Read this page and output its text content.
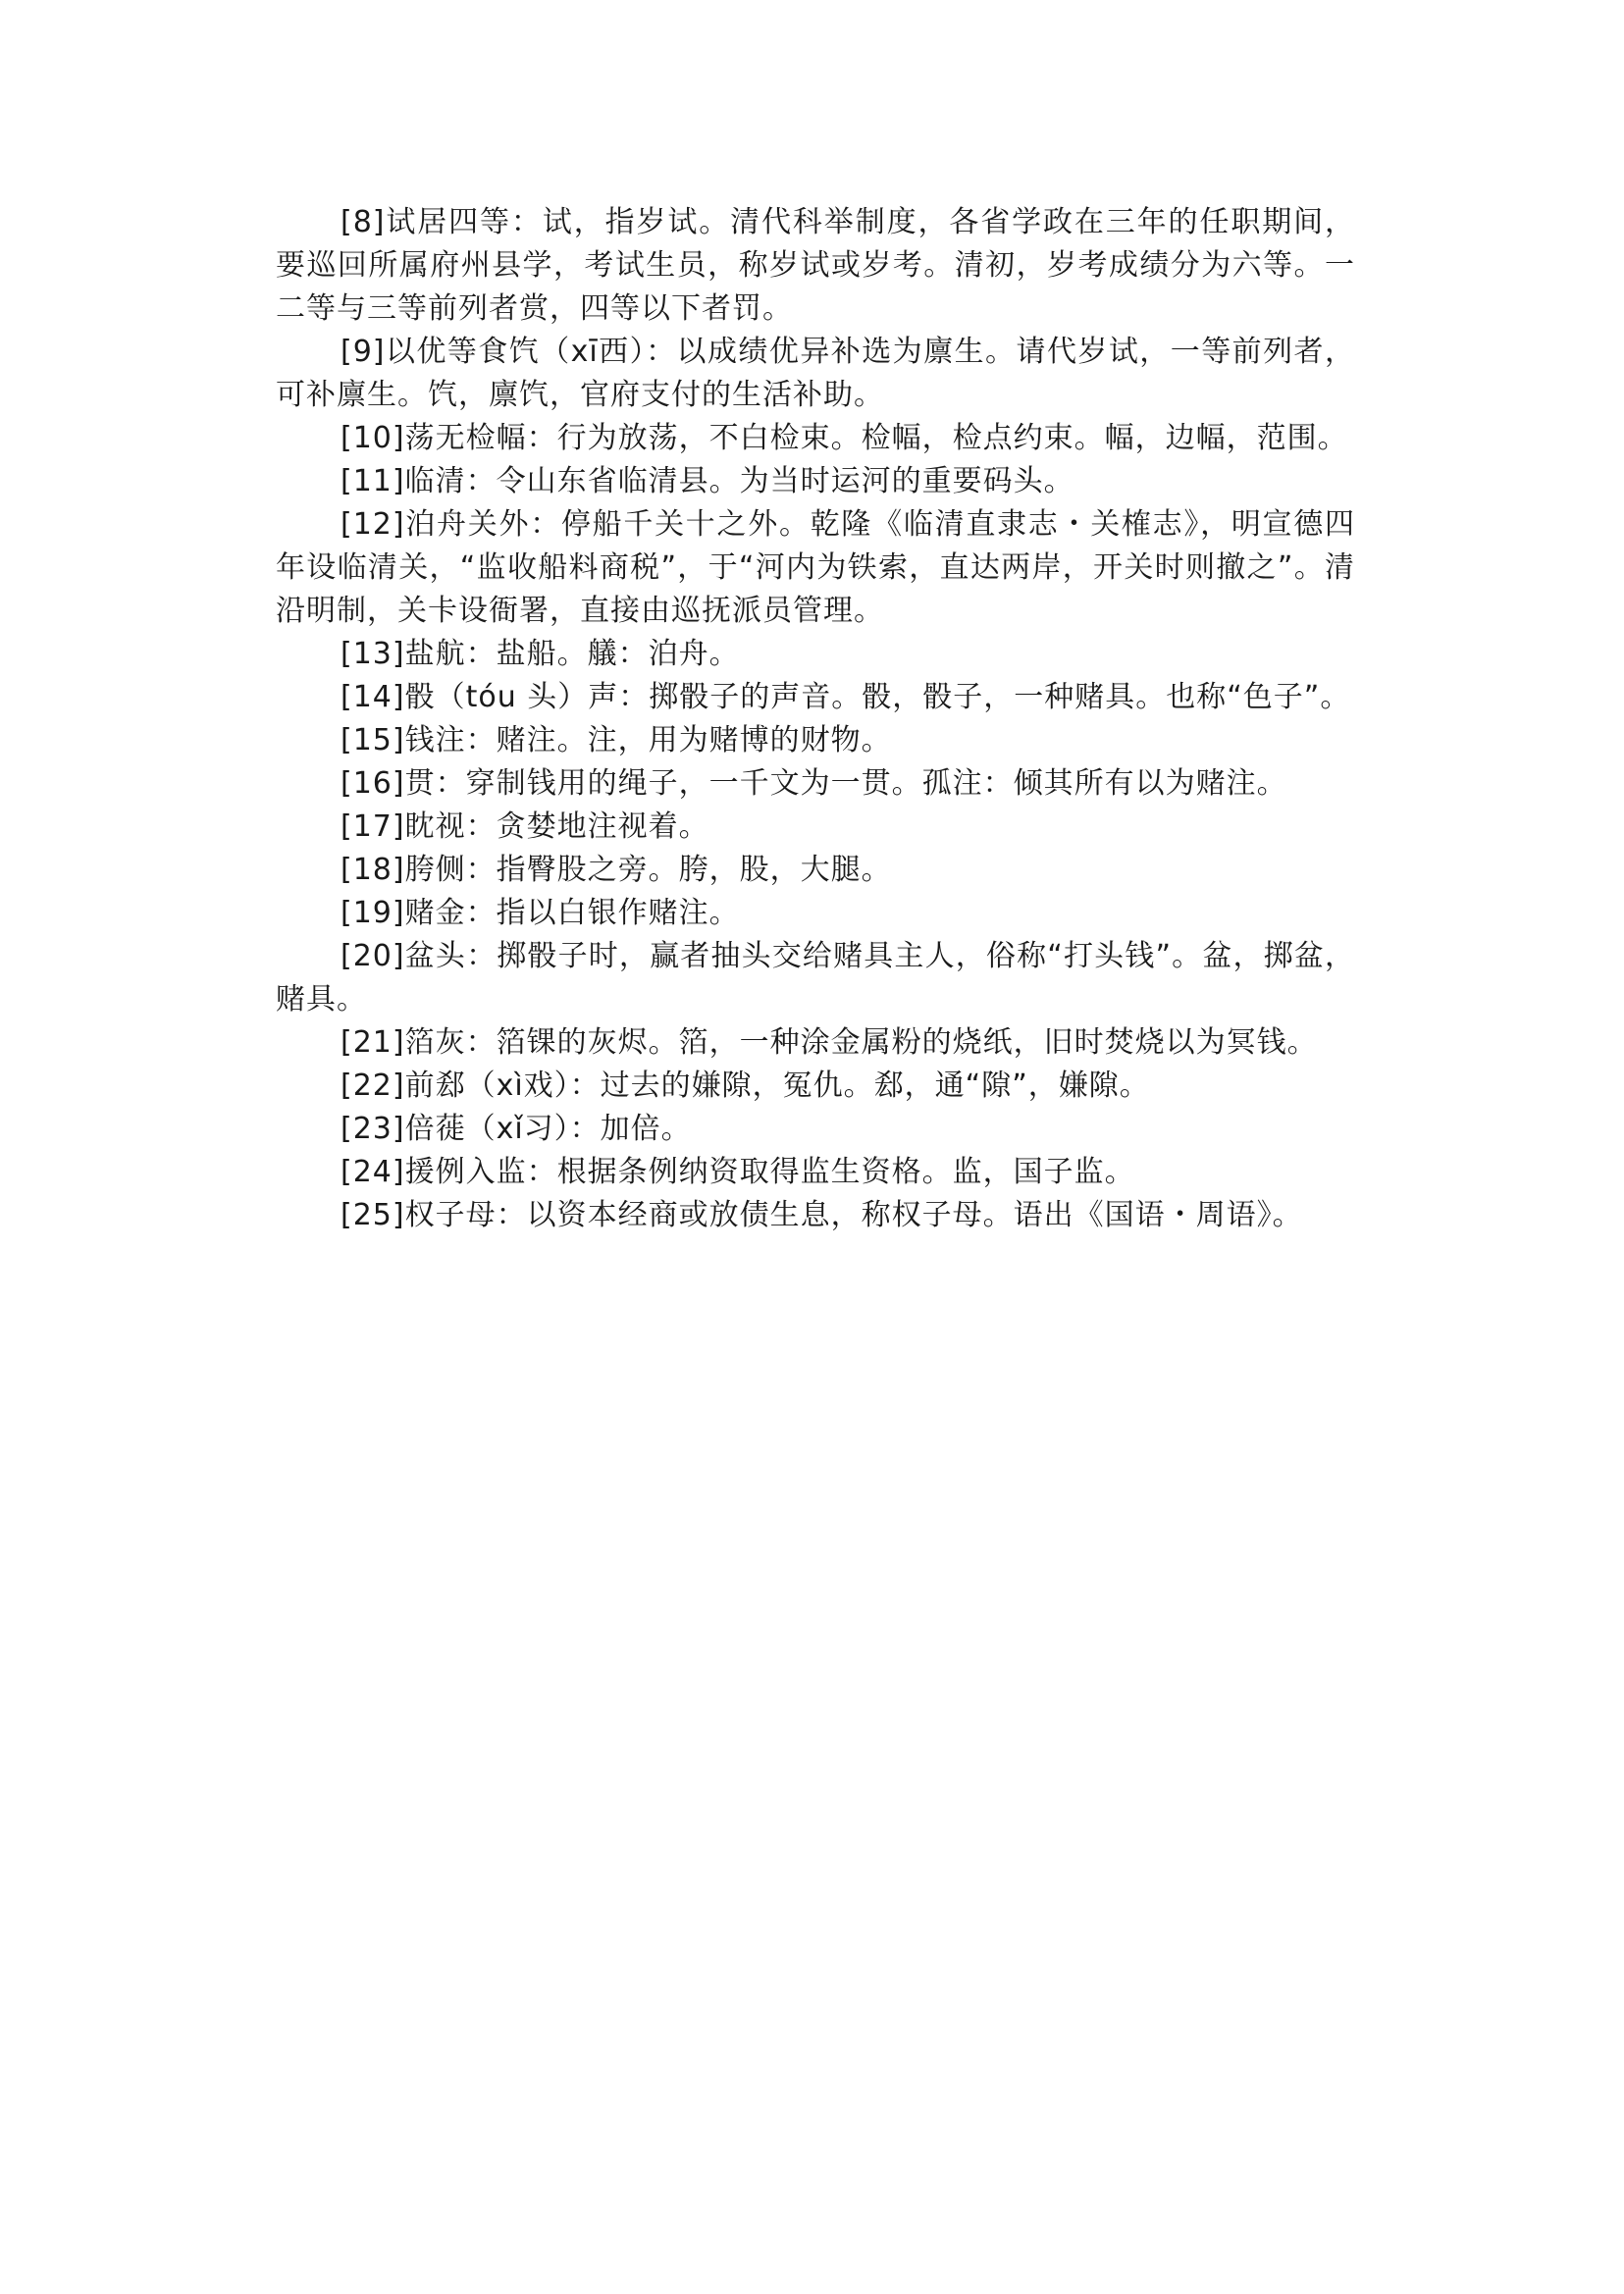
[8]试居四等：试，指岁试。清代科举制度，各省学政在三年的任职期间，要巡回所属府州县学，考试生员，称岁试或岁考。清初，岁考成绩分为六等。一二等与三等前列者赏，四等以下者罚。

[9]以优等食饩（xī西）：以成绩优异补选为廪生。请代岁试，一等前列者，可补廪生。饩，廪饩，官府支付的生活补助。

[10]荡无检幅：行为放荡，不白检束。检幅，检点约束。幅，边幅，范围。

[11]临清：令山东省临清县。为当时运河的重要码头。

[12]泊舟关外：停船千关十之外。乾隆《临清直隶志・关榷志》，明宣德四年设临清关，“监收船料商税”，于“河内为铁索，直达两岸，开关时则撤之”。清沿明制，关卡设衙署，直接由巡抚派员管理。

[13]盐航：盐船。艤：泊舟。

[14]骰（tóu 头）声：掷骰子的声音。骰，骰子，一种赌具。也称“色子”。

[15]钱注：赌注。注，用为赌博的财物。

[16]贯：穿制钱用的绳子，一千文为一贯。孤注：倾其所有以为赌注。

[17]眈视：贪婪地注视着。

[18]胯侧：指臀股之旁。胯，股，大腿。

[19]赌金：指以白银作赌注。

[20]盆头：掷骰子时，赢者抽头交给赌具主人，俗称“打头钱”。盆，掷盆，赌具。

[21]箔灰：箔锞的灰烬。箔，一种涂金属粉的烧纸，旧时焚烧以为冥钱。

[22]前郄（xì戏）：过去的嫌隙，冤仇。郄，通“隙”，嫌隙。

[23]倍蓰（xǐ习）：加倍。

[24]援例入监：根据条例纳资取得监生资格。监，国子监。

[25]权子母：以资本经商或放债生息，称权子母。语出《国语・周语》。
